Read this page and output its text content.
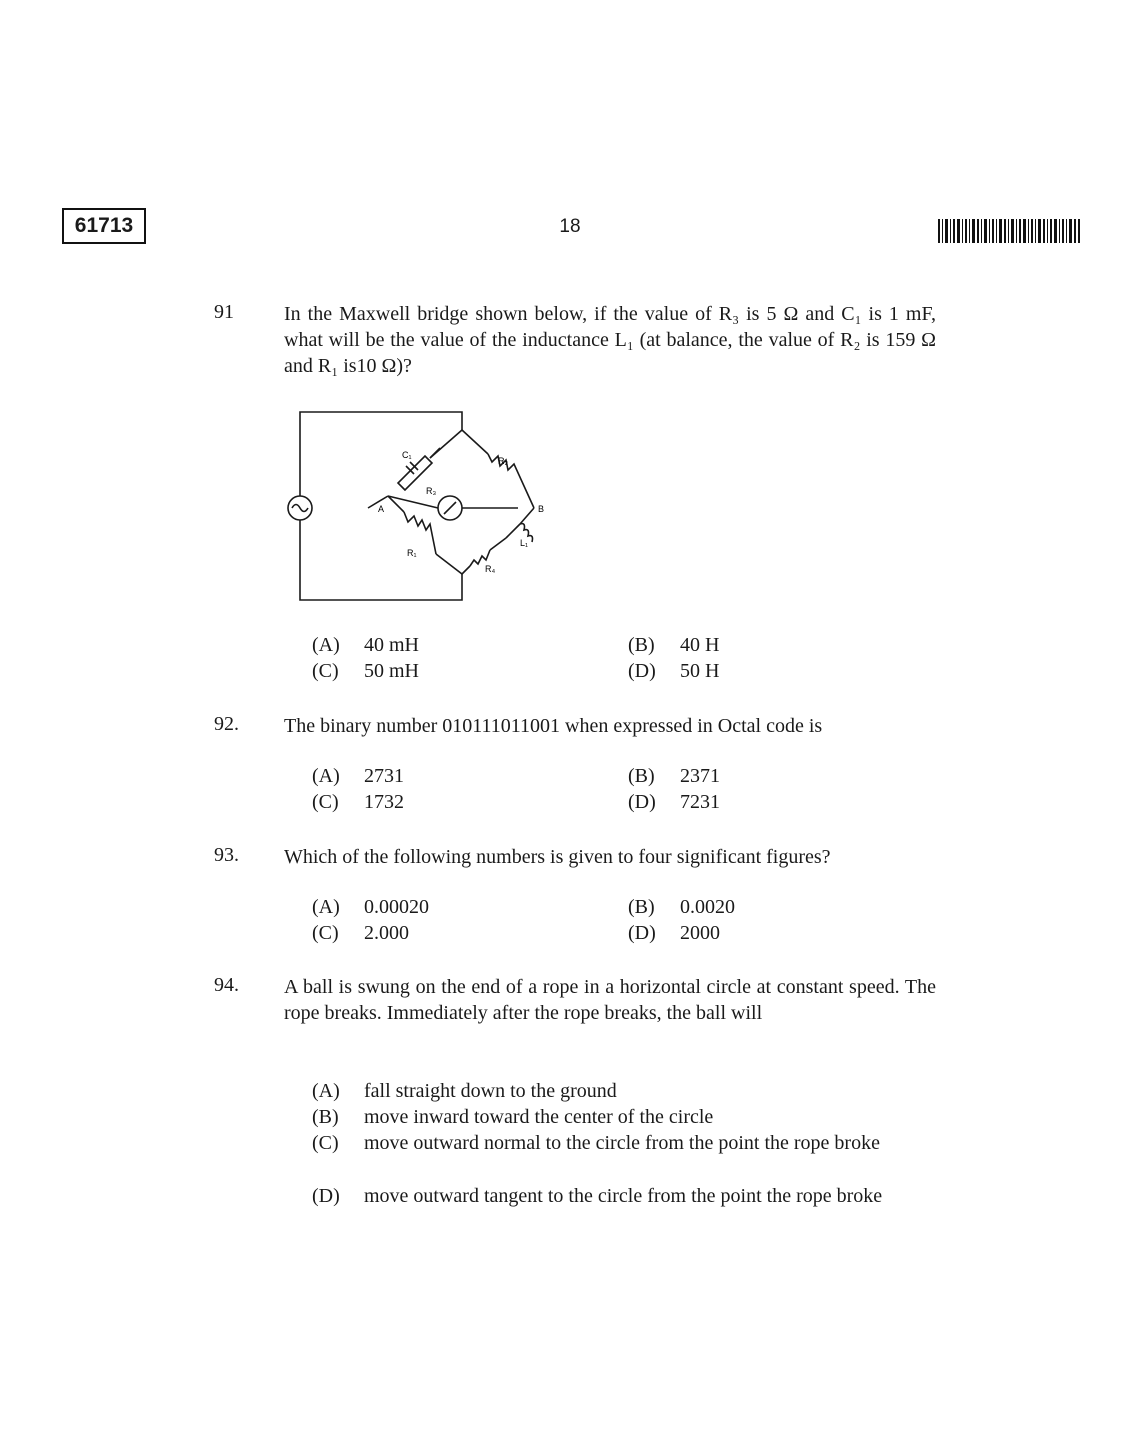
61713	18
91	In the Maxwell bridge shown below, if the value of R₃ is 5 Ω and C₁ is 1 mF, what will be the value of the inductance L₁ (at balance, the value of R₂ is 159 Ω and R₁ is10 Ω)?
C₁
R₃
R₁
R₂
L₁
R₄
A	B
(A) 40 mH	(B) 40 H
(C) 50 mH	(D) 50 H
92. The binary number 010111011001 when expressed in Octal code is
(A) 2731	(B) 2371
(C) 1732	(D) 7231
93. Which of the following numbers is given to four significant figures?
(A) 0.00020	(B) 0.0020
(C) 2.000	(D) 2000
94. A ball is swung on the end of a rope in a horizontal circle at constant speed. The rope breaks. Immediately after the rope breaks, the ball will
(A) fall straight down to the ground
(B) move inward toward the center of the circle
(C) move outward normal to the circle from the point the rope broke
(D) move outward tangent to the circle from the point the rope broke
